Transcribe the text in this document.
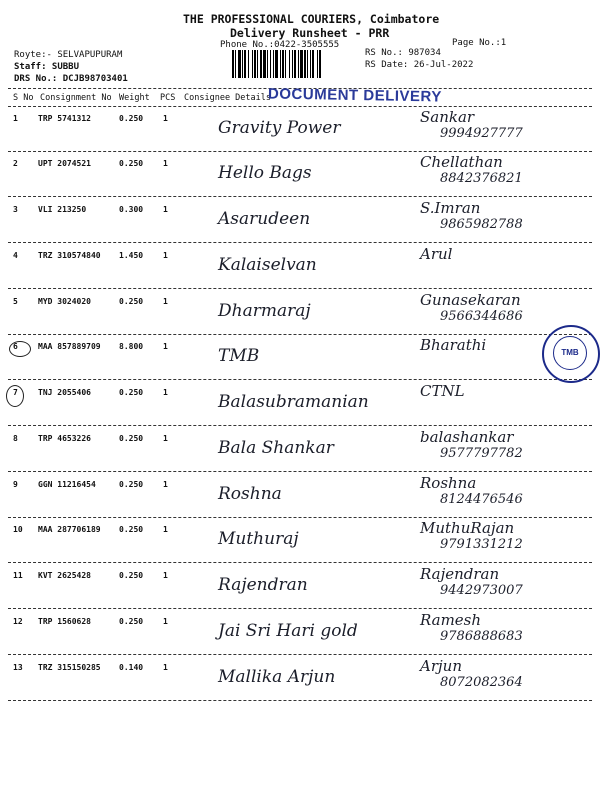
THE PROFESSIONAL COURIERS, Coimbatore
Delivery Runsheet - PRR
Phone No.:0422-3505555	Page No.:1
Royte:- SELVAPUPURAM
Staff: SUBBU
DRS No.: DCJB98703401
RS No.: 987034
RS Date: 26-Jul-2022
S No Consignment No Weight PCS Consignee Details
DOCUMENT DELIVERY
1	TRP 5741312	0.250 1	Gravity Power
Sankar
9994927777
2	UPT 2074521	0.250 1	Hello Bags
Chellathan
8842376821
3	VLI 213250	0.300 1	Asarudeen
S.Imran
9865982788
4	TRZ 310574840 1.450 1	Kalaiselvan
Arul
5	MYD 3024020	0.250 1	Dharmaraj
Gunasekaran
9566344686
6	MAA 857889709 8.800 1	TMB
Bharathi
7	TNJ 2055406	0.250 1	Balasubramanian
CTNL
8	TRP 4653226	0.250 1	Bala Shankar
balashankar
9577797782
9	GGN 11216454	0.250 1	Roshna
Roshna
8124476546
10 MAA 287706189 0.250 1	Muthuraj
MuthuRajan
9791331212
11 KVT 2625428	0.250 1	Rajendran
Rajendran
9442973007
12 TRP 1560628	0.250 1	Jai Sri Hari gold
Ramesh
9786888683
13 TRZ 315150285 0.140 1	Mallika Arjun
Arjun
8072082364
TMB
